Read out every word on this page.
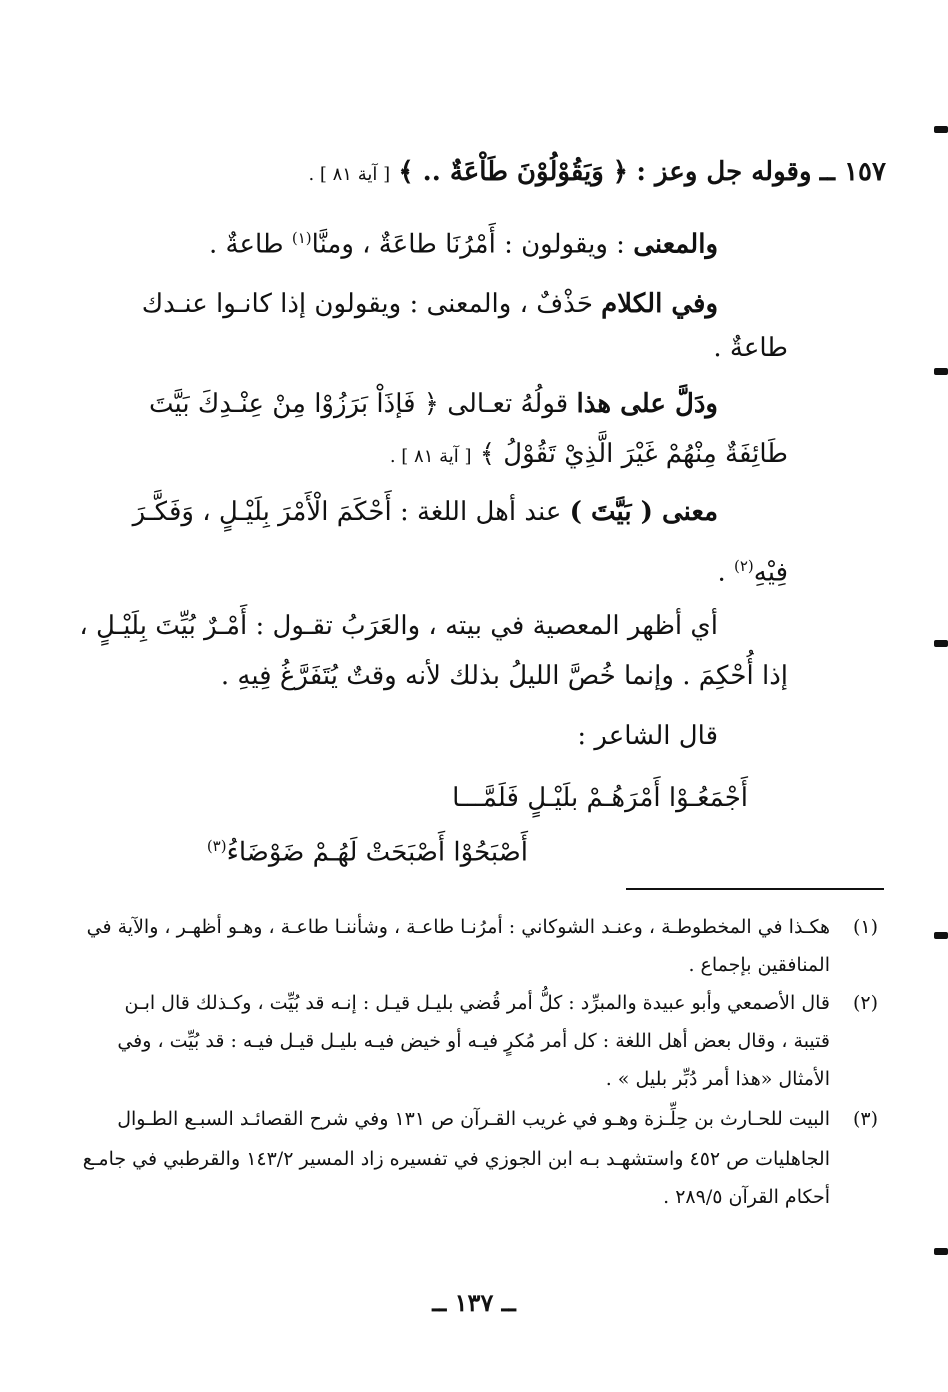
١٥٧ ــ وقوله جل وعز : ﴿ وَيَقُوْلُوْنَ طَاْعَةٌ .. ﴾ [ آية ٨١ ] .
والمعنى : ويقولون : أَمْرُنَا طاعَةٌ ، ومنَّا$^{(١)}$ طاعةٌ .
وفي الكلام حَذْفٌ ، والمعنى : ويقولون إذا كانـوا عنـدك
طاعةٌ .
ودَلَّ على هذا قولُهُ تعـالى ﴿ فَإذَاْ بَرَزُوْا مِنْ عِنْـدِكَ بَيَّتَ
طَائِفَةٌ مِنْهُمْ غَيْرَ الَّذِيْ تَقُوْلُ ﴾ [ آية ٨١ ] .
معنى ( بَيَّتَ ) عند أهل اللغة : أَحْكَمَ الْأَمْرَ بِلَيْـلٍ ، وَفَكَّـرَ
فِيْهِ$^{(٢)}$ .
أي أظهر المعصية في بيته ، والعَرَبُ تقـول : أَمْـرٌ بُيِّتَ بِلَيْـلٍ ،
إذا أُحْكِمَ . وإنما خُصَّ الليلُ بذلك لأنه وقتٌ يُتَفَرَّغُ فِيهِ .
قال الشاعر :
أَجْمَعُـوْا أَمْرَهُـمْ بلَيْـلٍ فَلَمَّـــا
أَصْبَحُوْا أَصْبَحَتْ لَهُـمْ ضَوْضَاءُ$^{(٣)}$
(١)
هكـذا في المخطوطـة ، وعنـد الشوكاني : أمرُنـا طاعـة ، وشأننـا طاعـة ، وهـو أظهـر ، والآية في
المنافقين بإجماع .
(٢)
قال الأصمعي وأبو عبيدة والمبرِّد : كلُّ أمر قُضي بليـل قيـل : إنـه قد بُيِّت ، وكـذلك قال ابـن
قتيبة ، وقال بعض أهل اللغة : كل أمر مُكرٍ فيـه أو خيض فيـه بليـل قيـل فيـه : قد بُيِّت ، وفي
الأمثال «هذا أمر دُبِّر بليل » .
(٣)
البيت للحـارث بن حِلِّـزة وهـو في غريب القـرآن ص ١٣١ وفي شرح القصائـد السبـع الطـوال
الجاهليات ص ٤٥٢ واستشهـد بـه ابن الجوزي في تفسيره زاد المسير ١٤٣/٢ والقرطبي في جامـع
أحكام القرآن ٢٨٩/٥ .
ــ ١٣٧ ــ
